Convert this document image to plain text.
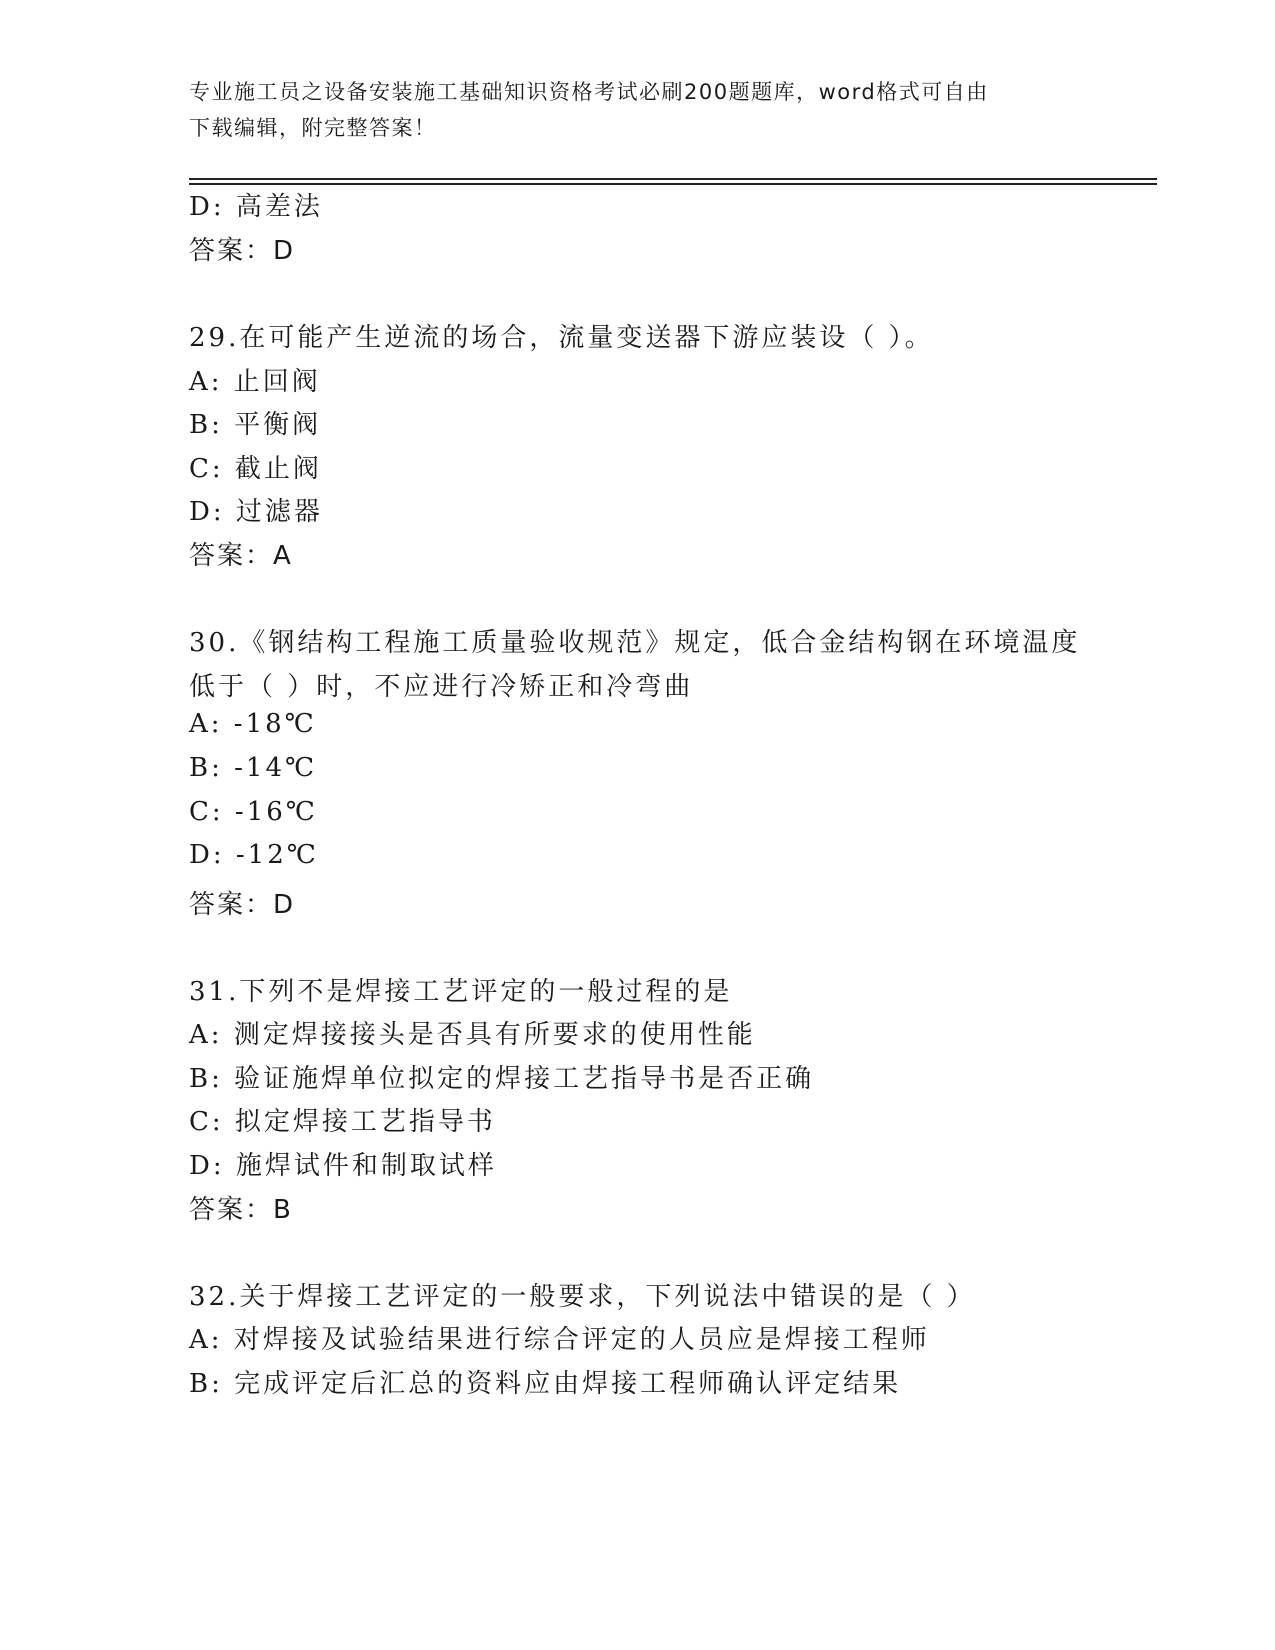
专业施工员之设备安装施工基础知识资格考试必刷200题题库，word格式可自由
下载编辑，附完整答案！
D: 高差法
答案：D
29.在可能产生逆流的场合，流量变送器下游应装设（ ）。
A: 止回阀
B: 平衡阀
C: 截止阀
D: 过滤器
答案：A
30.《钢结构工程施工质量验收规范》规定，低合金结构钢在环境温度
低于（ ）时，不应进行冷矫正和冷弯曲
A: -18℃
B: -14℃
C: -16℃
D: -12℃
答案：D
31.下列不是焊接工艺评定的一般过程的是
A: 测定焊接接头是否具有所要求的使用性能
B: 验证施焊单位拟定的焊接工艺指导书是否正确
C: 拟定焊接工艺指导书
D: 施焊试件和制取试样
答案：B
32.关于焊接工艺评定的一般要求，下列说法中错误的是（ ）
A: 对焊接及试验结果进行综合评定的人员应是焊接工程师
B: 完成评定后汇总的资料应由焊接工程师确认评定结果
